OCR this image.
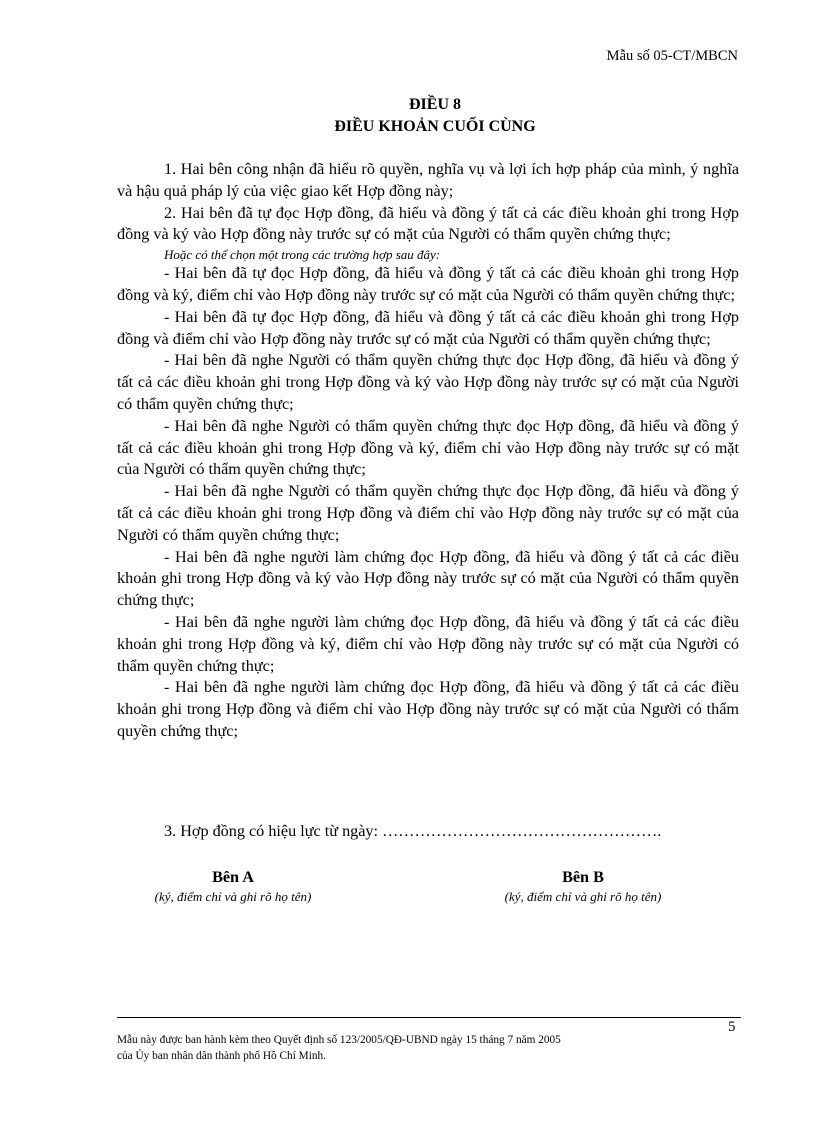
Mẫu số 05-CT/MBCN
ĐIỀU 8
ĐIỀU KHOẢN CUỐI CÙNG

1. Hai bên công nhận đã hiểu rõ quyền, nghĩa vụ và lợi ích hợp pháp của mình, ý nghĩa và hậu quả pháp lý của việc giao kết Hợp đồng này;

2. Hai bên đã tự đọc Hợp đồng, đã hiểu và đồng ý tất cả các điều khoản ghi trong Hợp đồng và ký vào Hợp đồng này trước sự có mặt của Người có thẩm quyền chứng thực;

Hoặc có thể chọn một trong các trường hợp sau đây:

- Hai bên đã tự đọc Hợp đồng, đã hiểu và đồng ý tất cả các điều khoản ghi trong Hợp đồng và ký, điểm chỉ vào Hợp đồng này trước sự có mặt của Người có thẩm quyền chứng thực;

- Hai bên đã tự đọc Hợp đồng, đã hiểu và đồng ý tất cả các điều khoản ghi trong Hợp đồng và điểm chỉ vào Hợp đồng này trước sự có mặt của Người có thẩm quyền chứng thực;

- Hai bên đã nghe Người có thẩm quyền chứng thực đọc Hợp đồng, đã hiểu và đồng ý tất cả các điều khoản ghi trong Hợp đồng và ký vào Hợp đồng này trước sự có mặt của Người có thẩm quyền chứng thực;

- Hai bên đã nghe Người có thẩm quyền chứng thực đọc Hợp đồng, đã hiểu và đồng ý tất cả các điều khoản ghi trong Hợp đồng và ký, điểm chỉ vào Hợp đồng này trước sự có mặt của Người có thẩm quyền chứng thực;

- Hai bên đã nghe Người có thẩm quyền chứng thực đọc Hợp đồng, đã hiểu và đồng ý tất cả các điều khoản ghi trong Hợp đồng và điểm chỉ vào Hợp đồng này trước sự có mặt của Người có thẩm quyền chứng thực;

- Hai bên đã nghe người làm chứng đọc Hợp đồng, đã hiểu và đồng ý tất cả các điều khoản ghi trong Hợp đồng và ký vào Hợp đồng này trước sự có mặt của Người có thẩm quyền chứng thực;

- Hai bên đã nghe người làm chứng đọc Hợp đồng, đã hiểu và đồng ý tất cả các điều khoản ghi trong Hợp đồng và ký, điểm chỉ vào Hợp đồng này trước sự có mặt của Người có thẩm quyền chứng thực;

- Hai bên đã nghe người làm chứng đọc Hợp đồng, đã hiểu và đồng ý tất cả các điều khoản ghi trong Hợp đồng và điểm chỉ vào Hợp đồng này trước sự có mặt của Người có thẩm quyền chứng thực;

3. Hợp đồng có hiệu lực từ ngày: …………………………………………….
Bên A
(ký, điểm chỉ và ghi rõ họ tên)
Bên B
(ký, điểm chỉ và ghi rõ họ tên)
5
Mẫu này được ban hành kèm theo Quyết định số 123/2005/QĐ-UBND ngày 15 tháng 7 năm 2005
của Ủy ban nhân dân thành phố Hồ Chí Minh.
